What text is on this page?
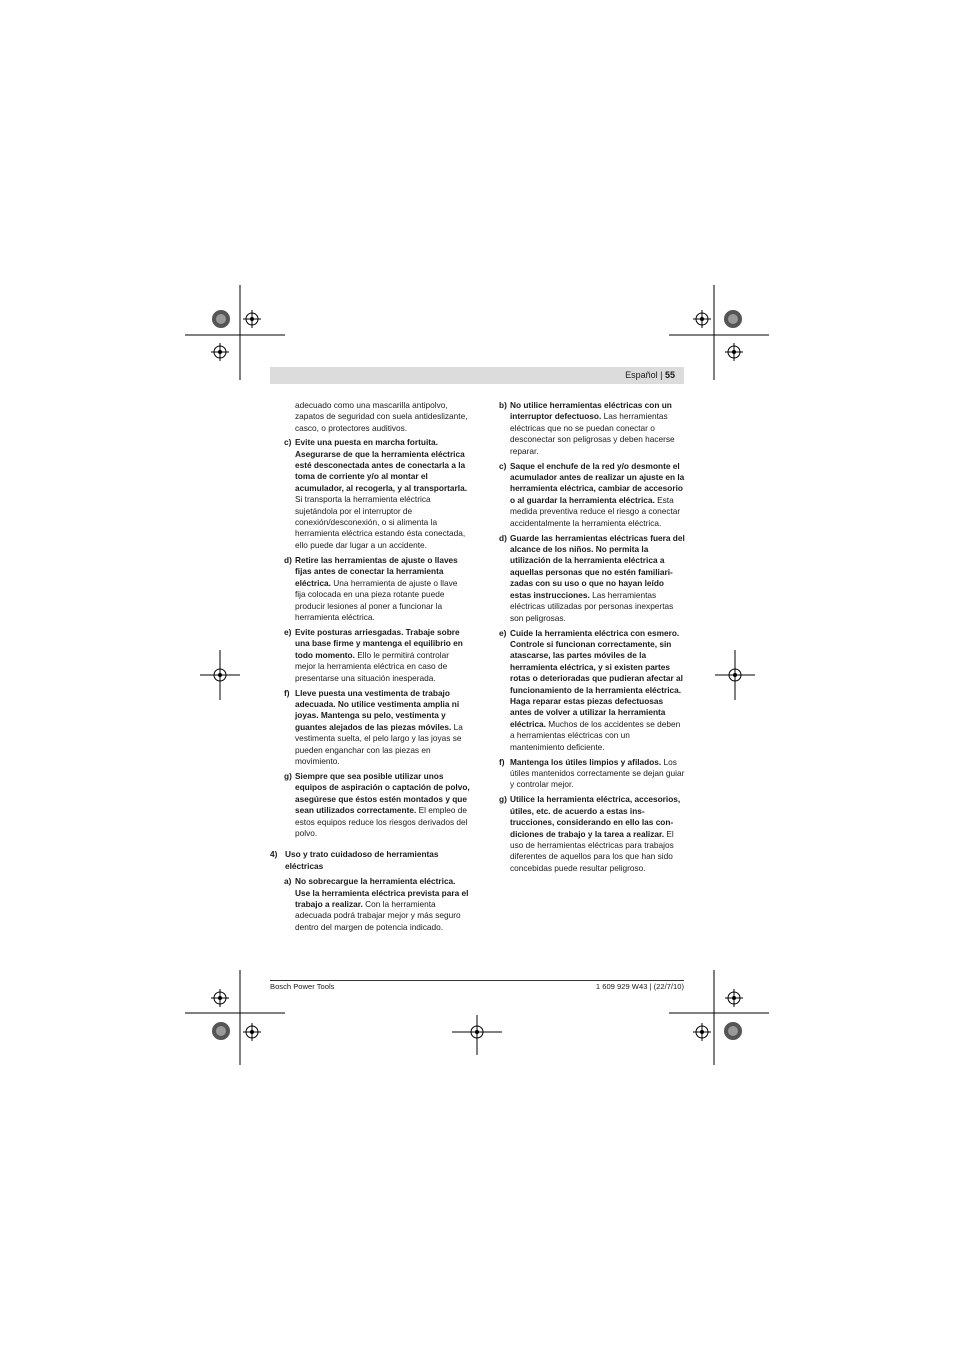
Español | 55

adecuado como una mascarilla antipolvo, zapatos de seguridad con suela antideslizante, casco, o protectores auditivos.

c) Evite una puesta en marcha fortuita. Asegurarse de que la herramienta eléctrica esté desconectada antes de conectarla a la toma de corriente y/o al montar el acumulador, al recogerla, y al transportarla. Si transporta la herramienta eléctrica sujetándola por el interruptor de conexión/desconexión, o si alimenta la herramienta eléctrica estando ésta conectada, ello puede dar lugar a un accidente.
d) Retire las herramientas de ajuste o llaves fijas antes de conectar la herramienta eléctrica. Una herramienta de ajuste o llave fija colocada en una pieza rotante puede producir lesiones al poner a funcionar la herramienta eléctrica.
e) Evite posturas arriesgadas. Trabaje sobre una base firme y mantenga el equilibrio en todo momento. Ello le permitirá controlar mejor la herramienta eléctrica en caso de presentarse una situación inesperada.
f) Lleve puesta una vestimenta de trabajo adecuada. No utilice vestimenta amplia ni joyas. Mantenga su pelo, vestimenta y guantes alejados de las piezas móviles. La vestimenta suelta, el pelo largo y las joyas se pueden enganchar con las piezas en movimiento.
g) Siempre que sea posible utilizar unos equipos de aspiración o captación de polvo, asegúrese que éstos estén montados y que sean utilizados correctamente. El empleo de estos equipos reduce los riesgos derivados del polvo.
4) Uso y trato cuidadoso de herramientas eléctricas
a) No sobrecargue la herramienta eléctrica. Use la herramienta eléctrica prevista para el trabajo a realizar. Con la herramienta adecuada podrá trabajar mejor y más seguro dentro del margen de potencia indicado.
b) No utilice herramientas eléctricas con un interruptor defectuoso. Las herramientas eléctricas que no se puedan conectar o desconectar son peligrosas y deben hacerse reparar.
c) Saque el enchufe de la red y/o desmonte el acumulador antes de realizar un ajuste en la herramienta eléctrica, cambiar de accesorio o al guardar la herramienta eléctrica. Esta medida preventiva reduce el riesgo a conectar accidentalmente la herramienta eléctrica.
d) Guarde las herramientas eléctricas fuera del alcance de los niños. No permita la utilización de la herramienta eléctrica a aquellas personas que no estén familiarizadas con su uso o que no hayan leído estas instrucciones. Las herramientas eléctricas utilizadas por personas inexpertas son peligrosas.
e) Cuide la herramienta eléctrica con esmero. Controle si funcionan correctamente, sin atascarse, las partes móviles de la herramienta eléctrica, y si existen partes rotas o deterioradas que pudieran afectar al funcionamiento de la herramienta eléctrica. Haga reparar estas piezas defectuosas antes de volver a utilizar la herramienta eléctrica. Muchos de los accidentes se deben a herramientas eléctricas con un mantenimiento deficiente.
f) Mantenga los útiles limpios y afilados. Los útiles mantenidos correctamente se dejan guiar y controlar mejor.
g) Utilice la herramienta eléctrica, accesorios, útiles, etc. de acuerdo a estas instrucciones, considerando en ello las condiciones de trabajo y la tarea a realizar. El uso de herramientas eléctricas para trabajos diferentes de aquellos para los que han sido concebidas puede resultar peligroso.
Bosch Power Tools	1 609 929 W43 | (22/7/10)
